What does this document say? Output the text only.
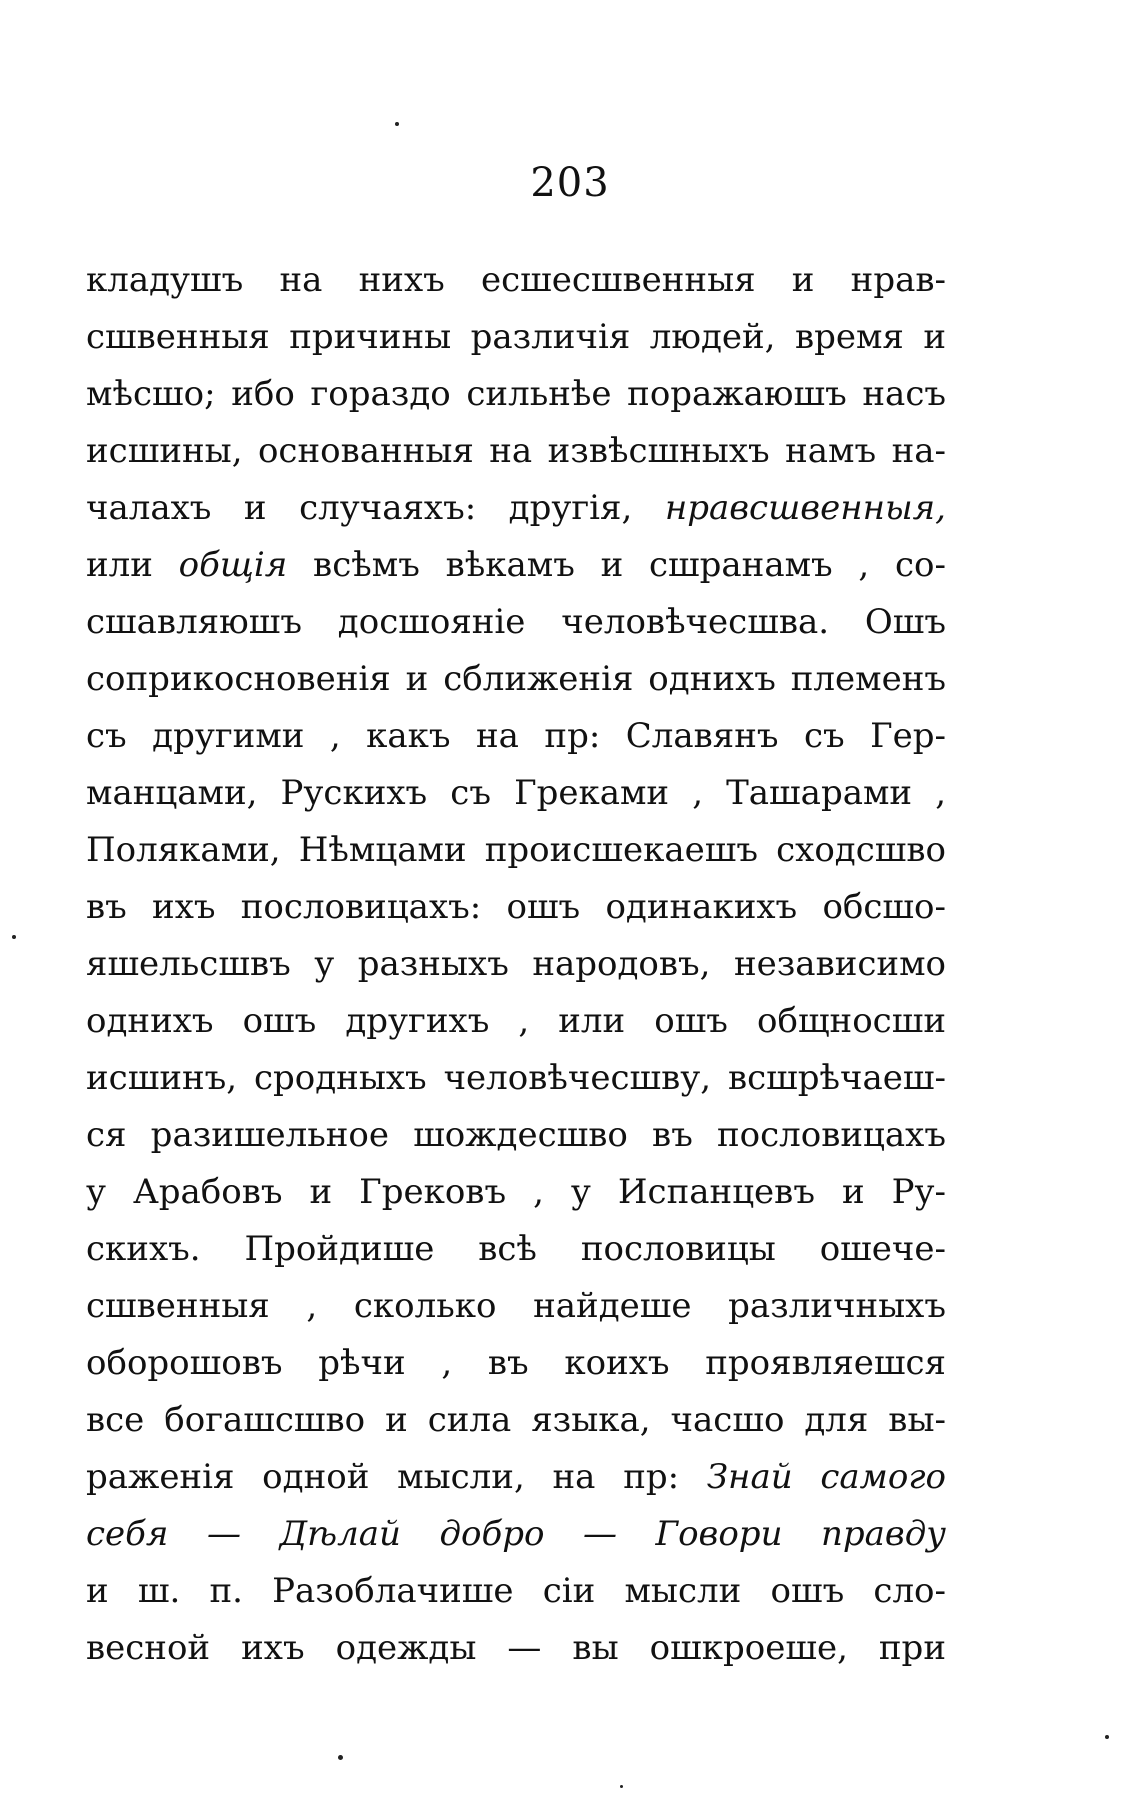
203
кладушъ на нихъ есшесшвенныя и нрав-
сшвенныя причины различія людей, время и
мѣсшо; ибо гораздо сильнѣе поражаюшъ насъ
исшины, основанныя на извѣсшныхъ намъ на-
чалахъ и случаяхъ: другія, нравсшвенныя,
или общія всѣмъ вѣкамъ и сшранамъ , со-
сшавляюшъ досшояніе человѣчесшва. Ошъ
соприкосновенія и сближенія однихъ племенъ
съ другими , какъ на пр: Славянъ съ Гер-
манцами, Рускихъ съ Греками , Ташарами ,
Поляками, Нѣмцами происшекаешъ сходсшво
въ ихъ пословицахъ: ошъ одинакихъ обсшо-
яшельсшвъ у разныхъ народовъ, независимо
однихъ ошъ другихъ , или ошъ общносши
исшинъ, сродныхъ человѣчесшву, всшрѣчаеш-
ся разишельное шождесшво въ пословицахъ
у Арабовъ и Грековъ , у Испанцевъ и Ру-
скихъ. Пройдише всѣ пословицы ошече-
сшвенныя , сколько найдеше различныхъ
оборошовъ рѣчи , въ коихъ проявляешся
все богашсшво и сила языка, часшо для вы-
раженія одной мысли, на пр: Знай самого
себя — Дѣлай добро — Говори правду
и ш. п. Разоблачише сіи мысли ошъ сло-
весной ихъ одежды — вы ошкроеше, при
